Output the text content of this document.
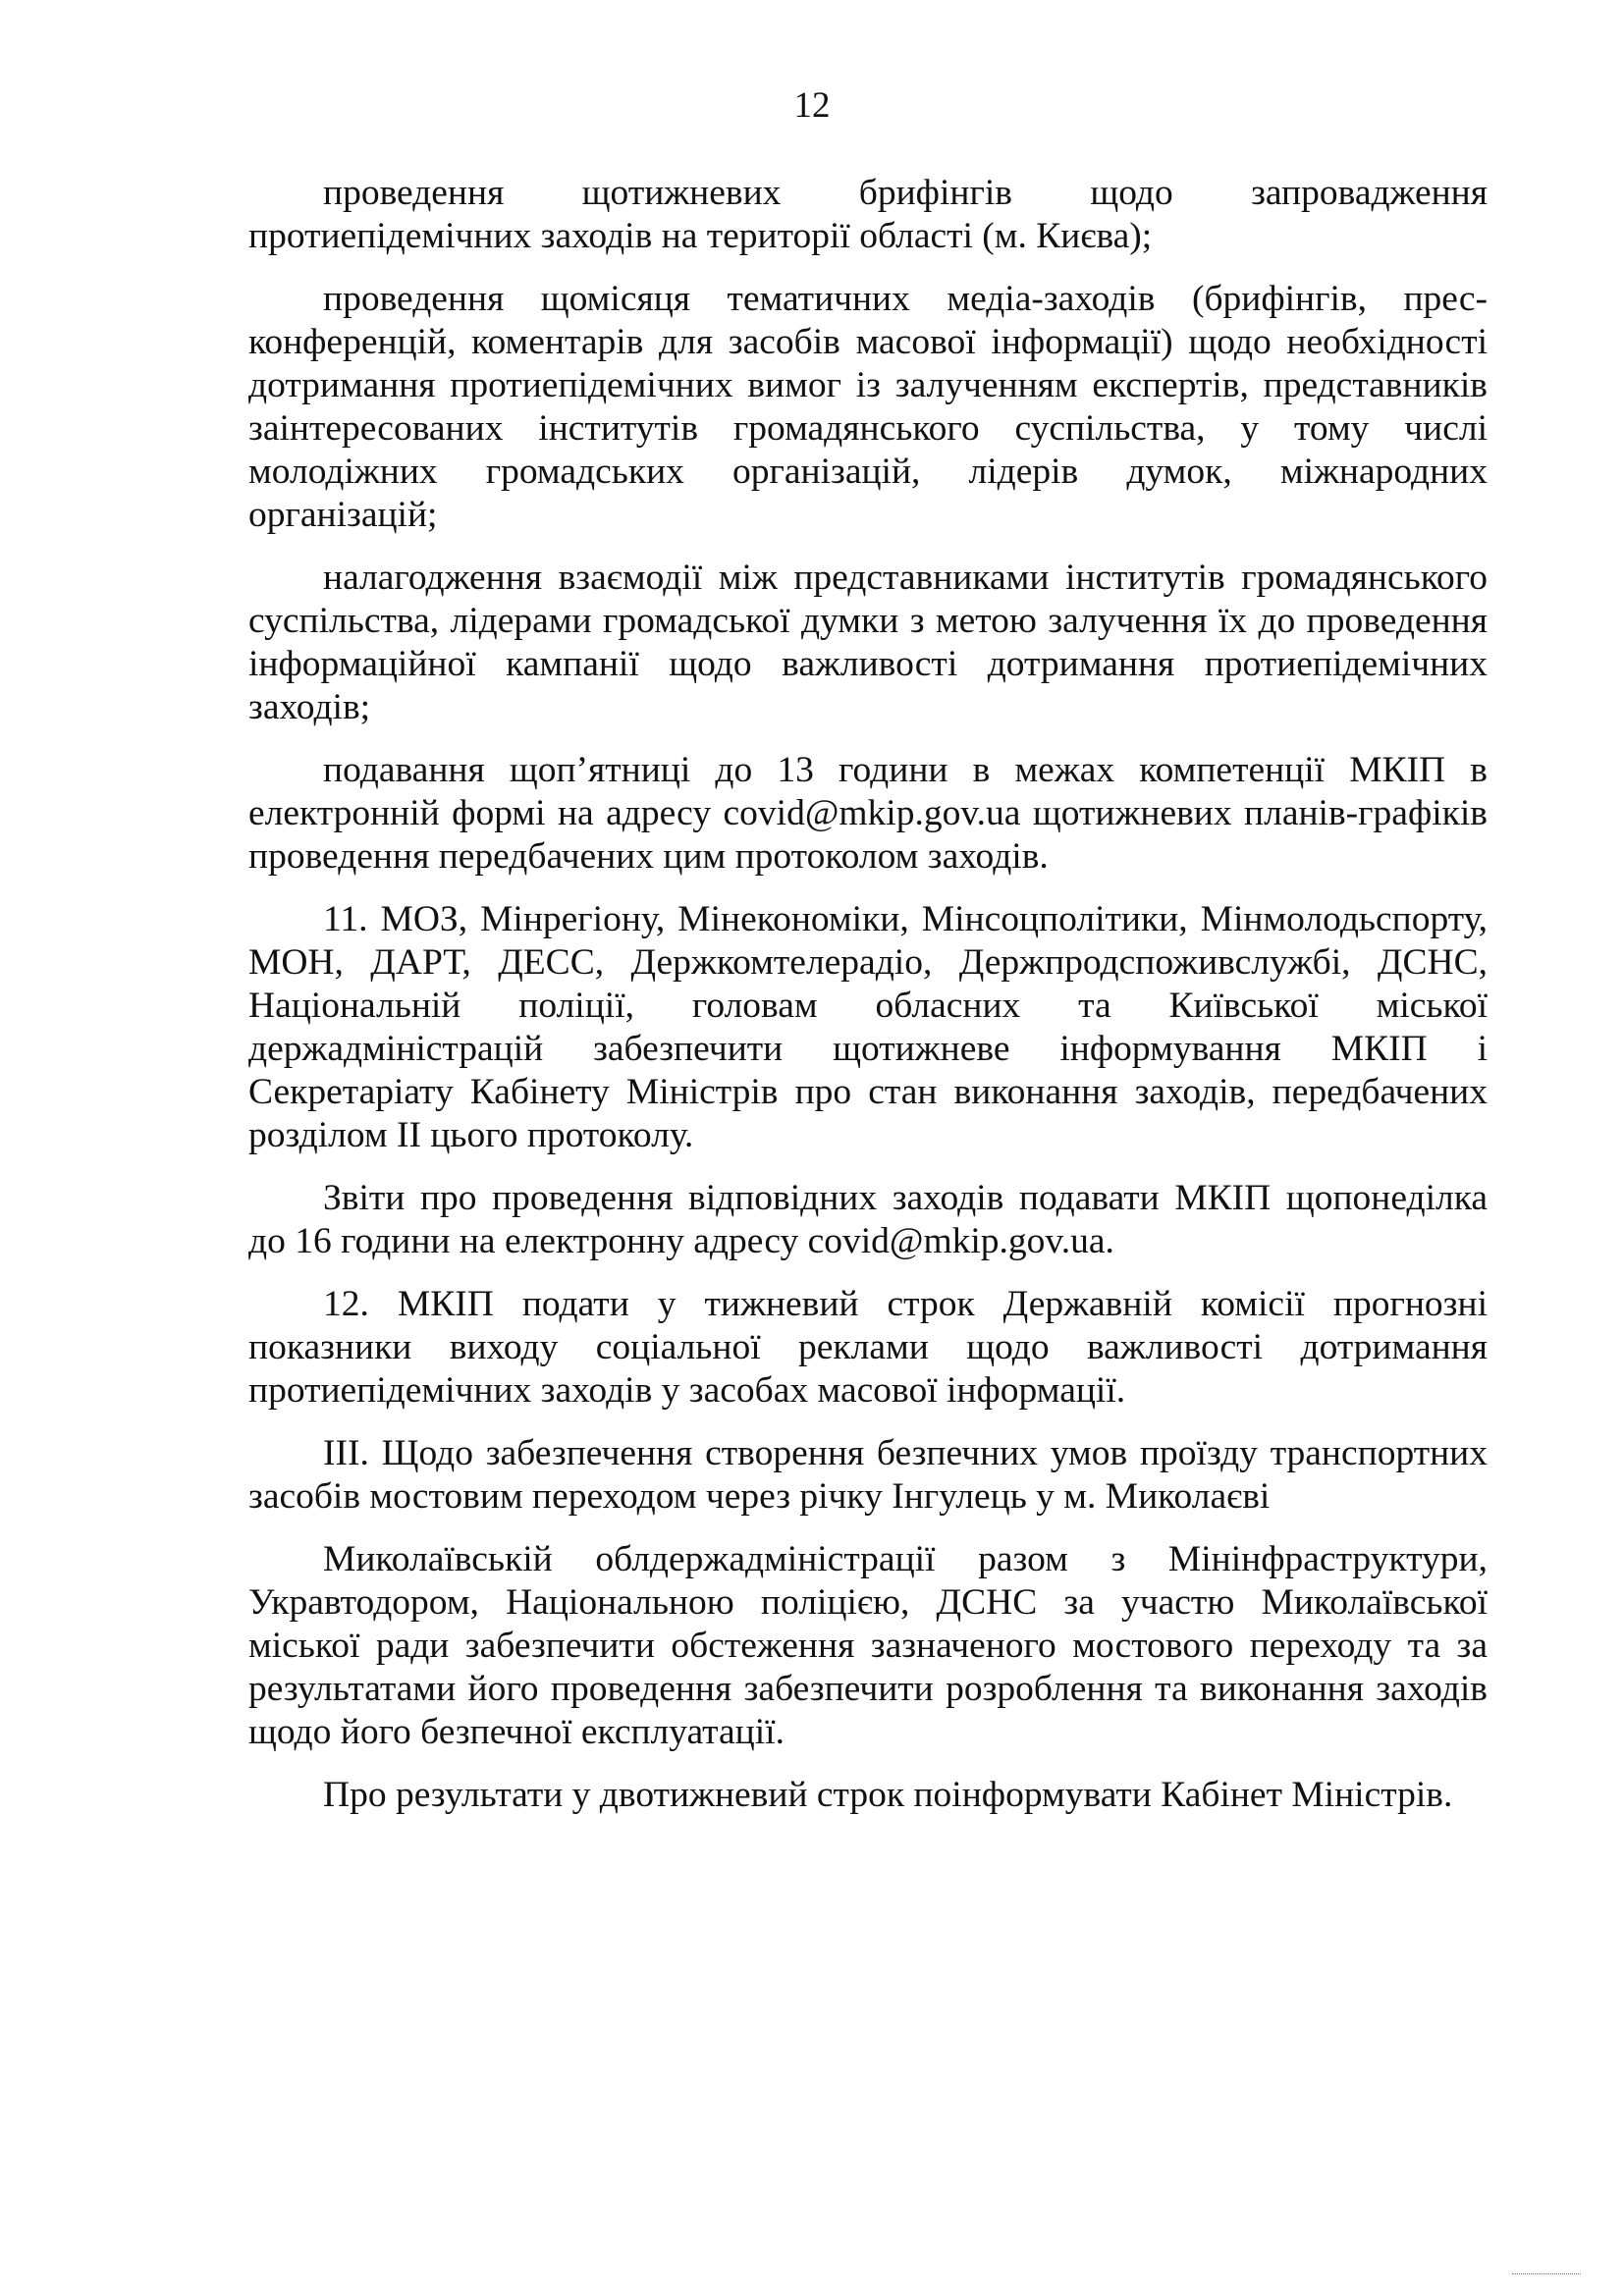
12

проведення щотижневих брифінгів щодо запровадження протиепідемічних заходів на території області (м. Києва);

проведення щомісяця тематичних медіа-заходів (брифінгів, прес-конференцій, коментарів для засобів масової інформації) щодо необхідності дотримання протиепідемічних вимог із залученням експертів, представників заінтересованих інститутів громадянського суспільства, у тому числі молодіжних громадських організацій, лідерів думок, міжнародних організацій;

налагодження взаємодії між представниками інститутів громадянського суспільства, лідерами громадської думки з метою залучення їх до проведення інформаційної кампанії щодо важливості дотримання протиепідемічних заходів;

подавання щоп’ятниці до 13 години в межах компетенції МКІП в електронній формі на адресу covid@mkip.gov.ua щотижневих планів-графіків проведення передбачених цим протоколом заходів.

11. МОЗ, Мінрегіону, Мінекономіки, Мінсоцполітики, Мінмолодьспорту, МОН, ДАРТ, ДЕСС, Держкомтелерадіо, Держпродспоживслужбі, ДСНС, Національній поліції, головам обласних та Київської міської держадміністрацій забезпечити щотижневе інформування МКІП і Секретаріату Кабінету Міністрів про стан виконання заходів, передбачених розділом ІІ цього протоколу.

Звіти про проведення відповідних заходів подавати МКІП щопонеділка до 16 години на електронну адресу covid@mkip.gov.ua.

12. МКІП подати у тижневий строк Державній комісії прогнозні показники виходу соціальної реклами щодо важливості дотримання протиепідемічних заходів у засобах масової інформації.

ІІІ. Щодо забезпечення створення безпечних умов проїзду транспортних засобів мостовим переходом через річку Інгулець у м. Миколаєві

Миколаївській облдержадміністрації разом з Мінінфраструктури, Укравтодором, Національною поліцією, ДСНС за участю Миколаївської міської ради забезпечити обстеження зазначеного мостового переходу та за результатами його проведення забезпечити розроблення та виконання заходів щодо його безпечної експлуатації.

Про результати у двотижневий строк поінформувати Кабінет Міністрів.
